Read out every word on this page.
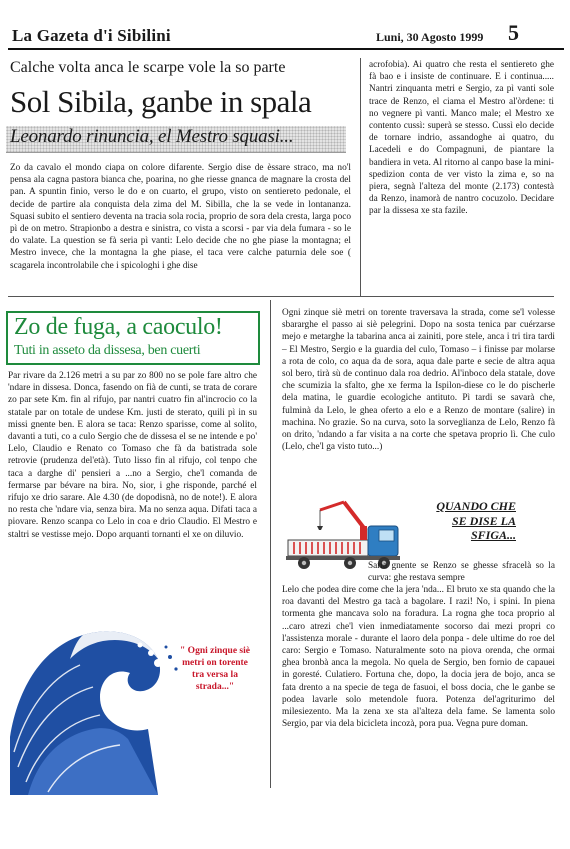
La Gazeta d'i Sibilini	Luni, 30 Agosto 1999 5
Calche volta anca le scarpe vole la so parte
Sol Sibila, ganbe in spala
Leonardo rinuncia, el Mestro squasi...

Zo da cavalo el mondo ciapa on colore difarente. Sergio dise de èssare straco, ma no'l pensa ala cagna pastora bianca che, poarina, no ghe riesse gnanca de magnare la crosta del pan. A spuntin finio, verso le do e on cuarto, el grupo, visto on sentiereto pedonale, el decide de partire ala conquista dela zima del M. Sibilla, che la se vede in lontananza. Squasi subito el sentiero deventa na tracia sola rocia, proprio de sora dela cresta, larga poco pì de on metro. Strapionbo a destra e sinistra, co vista a scorsi - par via dela fumara - so le do valate. La question se fà seria pì vanti: Lelo decide che no ghe piase la montagna; el Mestro invece, che la montagna la ghe piase, el taca vere calche paturnia dele soe ( scagarela incontrolabile che i spicologhi i ghe dise

acrofobia). Ai quatro che resta el sentiereto ghe fà bao e i insiste de continuare. E i continua..... Nantri zinquanta metri e Sergio, za pì vanti sole trace de Renzo, el ciama el Mestro al'òrdene: ti no vegnere pì vanti. Manco male; el Mestro xe contento cussì: superà se stesso. Cussì elo decide de tornare indrio, assandoghe ai quatro, du Lacedeli e do Compagnuni, de piantare la bandiera in veta. Al ritorno al canpo base la mini-spedizion conta de ver visto la zima e, so na piera, segnà l'alteza del monte (2.173) contestà da Renzo, inamorà de nantro cocuzolo. Decidare par la dissesa xe sta fazile.

Zo de fuga, a caoculo!
Tuti in asseto da dissesa, ben cuerti

Par rivare da 2.126 metri a su par zo 800 no se pole fare altro che 'ndare in dissesa. Donca, fasendo on fià de cunti, se trata de corare zo par sete Km. fin al rifujo, par nantri cuatro fin al'incrocio co la statale par on totale de undese Km. justi de sterato, quili pì in su missi gnente ben. E alora se taca: Renzo sparisse, come al solito, davanti a tuti, co a culo Sergio che de dissesa el se ne intende e po' Lelo, Claudio e Renato co Tomaso che fà da batistrada sole retrovie (prudenza del'età). Tuto lisso fin al rifujo, col tenpo che taca a darghe di' pensieri a ...no a Sergio, che'l comanda de fermarse par bévare na bira. No, sior, i ghe risponde, parché el rifujo xe drio sarare. Ale 4.30 (de dopodisnà, no de note!). E alora no resta che 'ndare via, senza bira. Ma no senza aqua. Difati taca a piovare. Renzo scanpa co Lelo in coa e drio Claudio. El Mestro e staltri se vestisse mejo. Dopo arquanti tornanti el xe on diluvio.

" Ogni zinque siè metri on torente tra versa la strada..."

Ogni zinque siè metri on torente traversava la strada, come se'l volesse sbararghe el passo ai siè pelegrini. Dopo na sosta tenica par cuérzarse mejo e metarghe la tabarina anca ai zainiti, pore stele, anca i tri tira tardi – El Mestro, Sergio e la guardia del culo, Tomaso – i finisse par molarse a rota de colo, co aqua da de sora, aqua dale parte e secie de altra aqua sol bero, tirà sù de continuo dala roa dedrio. Al'inboco dela statale, dove che scumizia la sfalto, ghe xe ferma la Ispilon-diese co le do pischerle dela matina, le guardie ecologiche antituto. Pì tardi se savarà che, fulminà da Lelo, le ghea oferto a elo e a Renzo de montare (salire) in machina. No grazie. So na curva, soto la sorveglianza de Lelo, Renzo fà on drito, 'ndando a far visita a na corte che spetava proprio lì. Che culo (Lelo, che'l ga visto tuto...)

QUANDO CHE
SE DISE LA
SFIGA...

Saria gnente se Renzo se ghesse sfracelà so la curva: ghe restava sempre

Lelo che podea dire come che la jera 'nda... El bruto xe sta quando che la roa davanti del Mestro ga tacà a bagolare. I razi! No, i spini. In piena tormenta ghe mancava solo na foradura. La rogna ghe toca proprio al ...caro atrezi che'l vien inmediatamente socorso dai mezi propri co l'assistenza morale - durante el laoro dela ponpa - dele ultime do roe del caro: Sergio e Tomaso. Naturalmente soto na piova orenda, che ormai ghea bronbà anca la megola. No quela de Sergio, ben fornio de capauei in goresté. Culatiero. Fortuna che, dopo, la docia jera de bojo, anca se fata drento a na specie de tega de fasuoi, el boss docia, che le ganbe se podea lavarle solo metendole fuora. Potenza del'agriturimo del milesiezento. Ma la zena xe sta al'alteza dela fame. Se lamenta solo Sergio, par via dela bicicleta incozà, pora pua. Vegna pure doman.
